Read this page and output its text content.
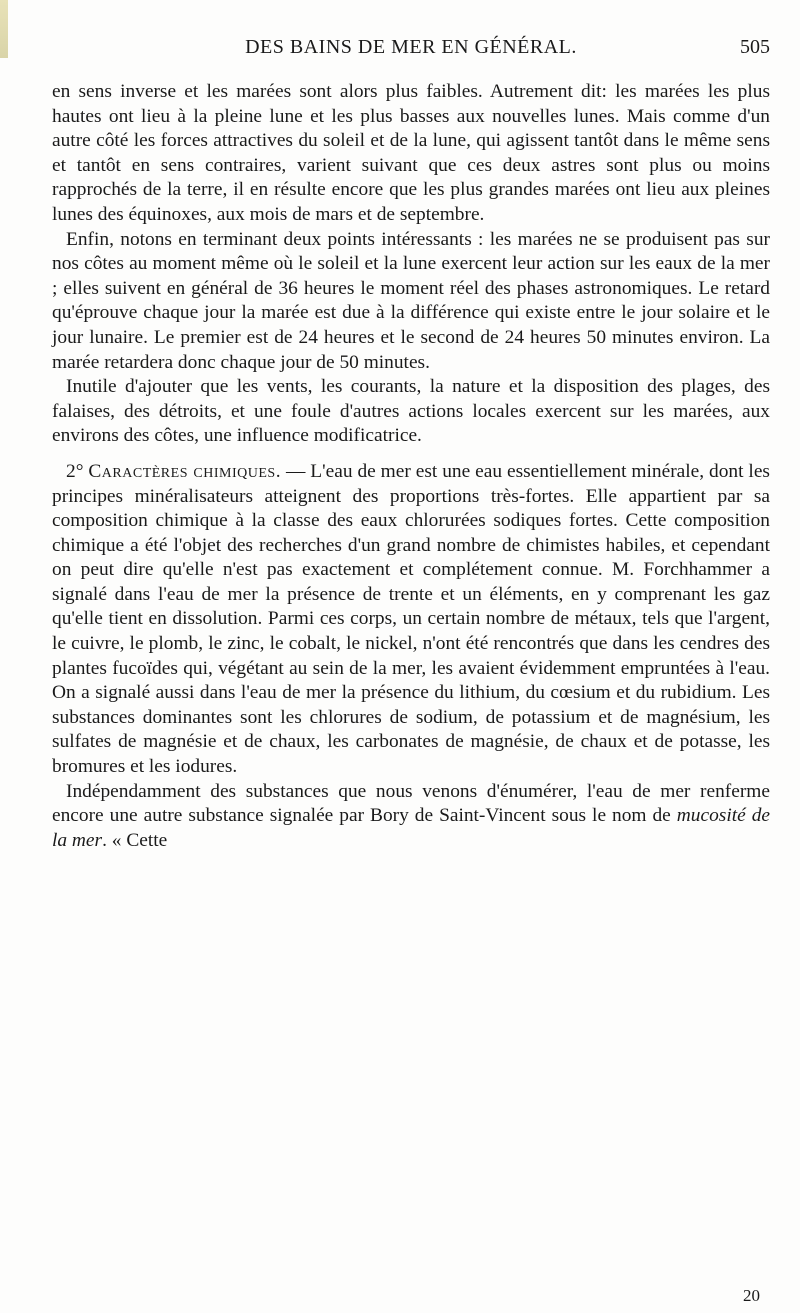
DES BAINS DE MER EN GÉNÉRAL.	505

en sens inverse et les marées sont alors plus faibles. Autrement dit: les marées les plus hautes ont lieu à la pleine lune et les plus basses aux nouvelles lunes. Mais comme d'un autre côté les forces attractives du soleil et de la lune, qui agissent tantôt dans le même sens et tantôt en sens contraires, varient suivant que ces deux astres sont plus ou moins rapprochés de la terre, il en résulte encore que les plus grandes marées ont lieu aux pleines lunes des équinoxes, aux mois de mars et de septembre.

Enfin, notons en terminant deux points intéressants : les marées ne se produisent pas sur nos côtes au moment même où le soleil et la lune exercent leur action sur les eaux de la mer ; elles suivent en général de 36 heures le moment réel des phases astronomiques. Le retard qu'éprouve chaque jour la marée est due à la différence qui existe entre le jour solaire et le jour lunaire. Le premier est de 24 heures et le second de 24 heures 50 minutes environ. La marée retardera donc chaque jour de 50 minutes.

Inutile d'ajouter que les vents, les courants, la nature et la disposition des plages, des falaises, des détroits, et une foule d'autres actions locales exercent sur les marées, aux environs des côtes, une influence modificatrice.

2° Caractères chimiques. — L'eau de mer est une eau essentiellement minérale, dont les principes minéralisateurs atteignent des proportions très-fortes. Elle appartient par sa composition chimique à la classe des eaux chlorurées sodiques fortes. Cette composition chimique a été l'objet des recherches d'un grand nombre de chimistes habiles, et cependant on peut dire qu'elle n'est pas exactement et complétement connue. M. Forchhammer a signalé dans l'eau de mer la présence de trente et un éléments, en y comprenant les gaz qu'elle tient en dissolution. Parmi ces corps, un certain nombre de métaux, tels que l'argent, le cuivre, le plomb, le zinc, le cobalt, le nickel, n'ont été rencontrés que dans les cendres des plantes fucoïdes qui, végétant au sein de la mer, les avaient évidemment empruntées à l'eau. On a signalé aussi dans l'eau de mer la présence du lithium, du cœsium et du rubidium. Les substances dominantes sont les chlorures de sodium, de potassium et de magnésium, les sulfates de magnésie et de chaux, les carbonates de magnésie, de chaux et de potasse, les bromures et les iodures.

Indépendamment des substances que nous venons d'énumérer, l'eau de mer renferme encore une autre substance signalée par Bory de Saint-Vincent sous le nom de mucosité de la mer. « Cette

20
